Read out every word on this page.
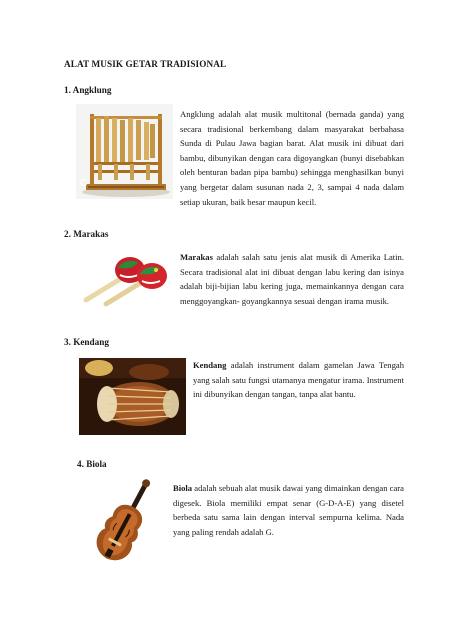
ALAT MUSIK GETAR TRADISIONAL
1. Angklung
C
Angklung adalah alat musik multitonal (bernada ganda) yang secara tradisional berkembang dalam masyarakat berbahasa Sunda di Pulau Jawa bagian barat. Alat musik ini dibuat dari bambu, dibunyikan dengan cara digoyangkan (bunyi disebabkan oleh benturan badan pipa bambu) sehingga menghasilkan bunyi yang bergetar dalam susunan nada 2, 3, sampai 4 nada dalam setiap ukuran, baik besar maupun kecil.
2. Marakas
Marakas adalah salah satu jenis alat musik di Amerika Latin. Secara tradisional alat ini dibuat dengan labu kering dan isinya adalah biji-bijian labu kering juga, memainkannya dengan cara menggoyangkan- goyangkannya sesuai dengan irama musik.
3. Kendang
Kendang adalah instrument dalam gamelan Jawa Tengah yang salah satu fungsi utamanya mengatur irama. Instrument ini dibunyikan dengan tangan, tanpa alat bantu.
4. Biola
Biola adalah sebuah alat musik dawai yang dimainkan dengan cara digesek. Biola memiliki empat senar (G-D-A-E) yang disetel berbeda satu sama lain dengan interval sempurna kelima. Nada yang paling rendah adalah G.
